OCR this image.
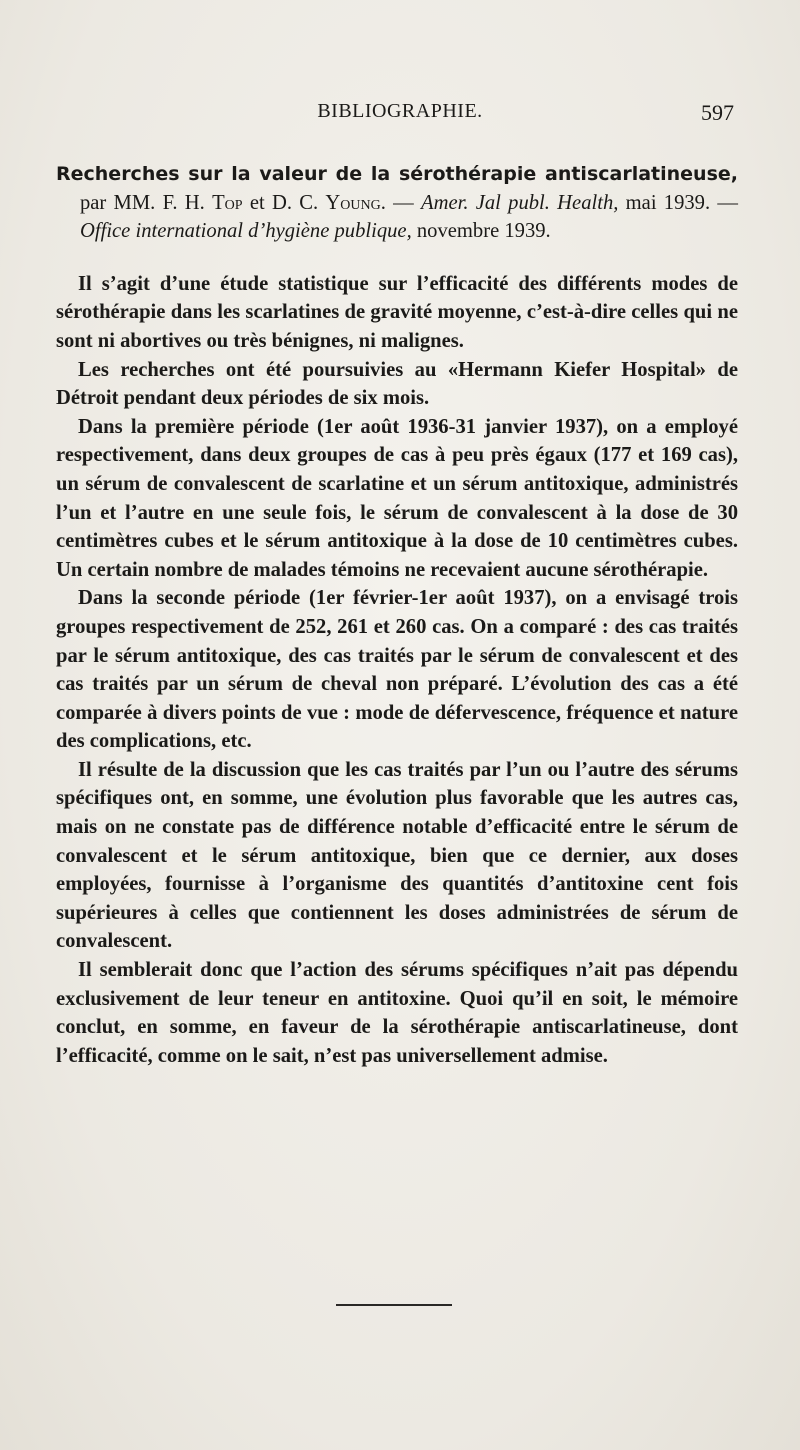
BIBLIOGRAPHIE.	597

Recherches sur la valeur de la sérothérapie antiscarlatineuse, par MM. F. H. Top et D. C. Young. — Amer. Jal publ. Health, mai 1939. — Office international d’hygiène publique, novembre 1939.

Il s’agit d’une étude statistique sur l’efficacité des différents modes de sérothérapie dans les scarlatines de gravité moyenne, c’est-à-dire celles qui ne sont ni abortives ou très bénignes, ni malignes.

Les recherches ont été poursuivies au «Hermann Kiefer Hospital» de Détroit pendant deux périodes de six mois.

Dans la première période (1er août 1936-31 janvier 1937), on a employé respectivement, dans deux groupes de cas à peu près égaux (177 et 169 cas), un sérum de convalescent de scarlatine et un sérum antitoxique, administrés l’un et l’autre en une seule fois, le sérum de convalescent à la dose de 30 centimètres cubes et le sérum antitoxique à la dose de 10 centimètres cubes. Un certain nombre de malades témoins ne recevaient aucune sérothérapie.

Dans la seconde période (1er février-1er août 1937), on a envisagé trois groupes respectivement de 252, 261 et 260 cas. On a comparé : des cas traités par le sérum antitoxique, des cas traités par le sérum de convalescent et des cas traités par un sérum de cheval non préparé. L’évolution des cas a été comparée à divers points de vue : mode de défervescence, fréquence et nature des complications, etc.

Il résulte de la discussion que les cas traités par l’un ou l’autre des sérums spécifiques ont, en somme, une évolution plus favorable que les autres cas, mais on ne constate pas de différence notable d’efficacité entre le sérum de convalescent et le sérum antitoxique, bien que ce dernier, aux doses employées, fournisse à l’organisme des quantités d’antitoxine cent fois supérieures à celles que contiennent les doses administrées de sérum de convalescent.

Il semblerait donc que l’action des sérums spécifiques n’ait pas dépendu exclusivement de leur teneur en antitoxine. Quoi qu’il en soit, le mémoire conclut, en somme, en faveur de la sérothérapie antiscarlatineuse, dont l’efficacité, comme on le sait, n’est pas universellement admise.
